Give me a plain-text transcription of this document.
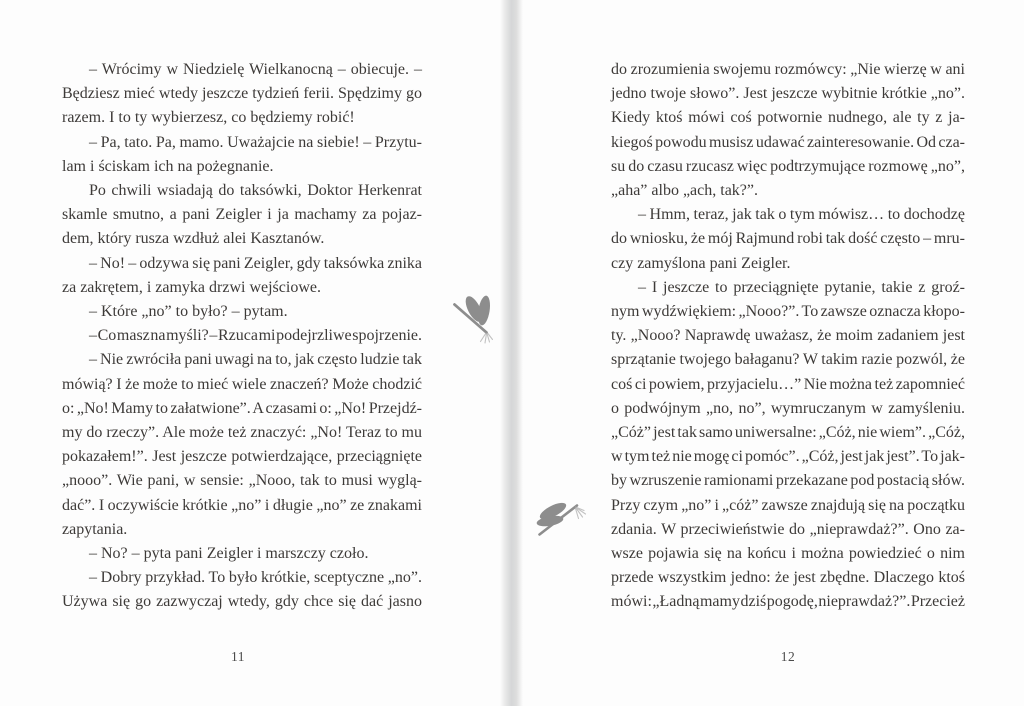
– Wrócimy w Niedzielę Wielkanocną – obiecuje. –
Będziesz mieć wtedy jeszcze tydzień ferii. Spędzimy go
razem. I to ty wybierzesz, co będziemy robić!
– Pa, tato. Pa, mamo. Uważajcie na siebie! – Przytu-
lam i ściskam ich na pożegnanie.
Po chwili wsiadają do taksówki, Doktor Herkenrat
skamle smutno, a pani Zeigler i ja machamy za pojaz-
dem, który rusza wzdłuż alei Kasztanów.
– No! – odzywa się pani Zeigler, gdy taksówka znika
za zakrętem, i zamyka drzwi wejściowe.
– Które „no” to było? – pytam.
– Co masz na myśli? – Rzuca mi podejrzliwe spojrzenie.
– Nie zwróciła pani uwagi na to, jak często ludzie tak
mówią? I że może to mieć wiele znaczeń? Może chodzić
o: „No! Mamy to załatwione”. A czasami o: „No! Przejdź-
my do rzeczy”. Ale może też znaczyć: „No! Teraz to mu
pokazałem!”. Jest jeszcze potwierdzające, przeciągnięte
„nooo”. Wie pani, w sensie: „Nooo, tak to musi wyglą-
dać”. I oczywiście krótkie „no” i długie „no” ze znakami
zapytania.
– No? – pyta pani Zeigler i marszczy czoło.
– Dobry przykład. To było krótkie, sceptyczne „no”.
Używa się go zazwyczaj wtedy, gdy chce się dać jasno
do zrozumienia swojemu rozmówcy: „Nie wierzę w ani
jedno twoje słowo”. Jest jeszcze wybitnie krótkie „no”.
Kiedy ktoś mówi coś potwornie nudnego, ale ty z ja-
kiegoś powodu musisz udawać zainteresowanie. Od cza-
su do czasu rzucasz więc podtrzymujące rozmowę „no”,
„aha” albo „ach, tak?”.
– Hmm, teraz, jak tak o tym mówisz… to dochodzę
do wniosku, że mój Rajmund robi tak dość często – mru-
czy zamyślona pani Zeigler.
– I jeszcze to przeciągnięte pytanie, takie z groź-
nym wydźwiękiem: „Nooo?”. To zawsze oznacza kłopo-
ty. „Nooo? Naprawdę uważasz, że moim zadaniem jest
sprzątanie twojego bałaganu? W takim razie pozwól, że
coś ci powiem, przyjacielu…” Nie można też zapomnieć
o podwójnym „no, no”, wymruczanym w zamyśleniu.
„Cóż” jest tak samo uniwersalne: „Cóż, nie wiem”. „Cóż,
w tym też nie mogę ci pomóc”. „Cóż, jest jak jest”. To jak-
by wzruszenie ramionami przekazane pod postacią słów.
Przy czym „no” i „cóż” zawsze znajdują się na początku
zdania. W przeciwieństwie do „nieprawdaż?”. Ono za-
wsze pojawia się na końcu i można powiedzieć o nim
przede wszystkim jedno: że jest zbędne. Dlaczego ktoś
mówi: „Ładną mamy dziś pogodę, nieprawdaż?”. Przecież
11	12
